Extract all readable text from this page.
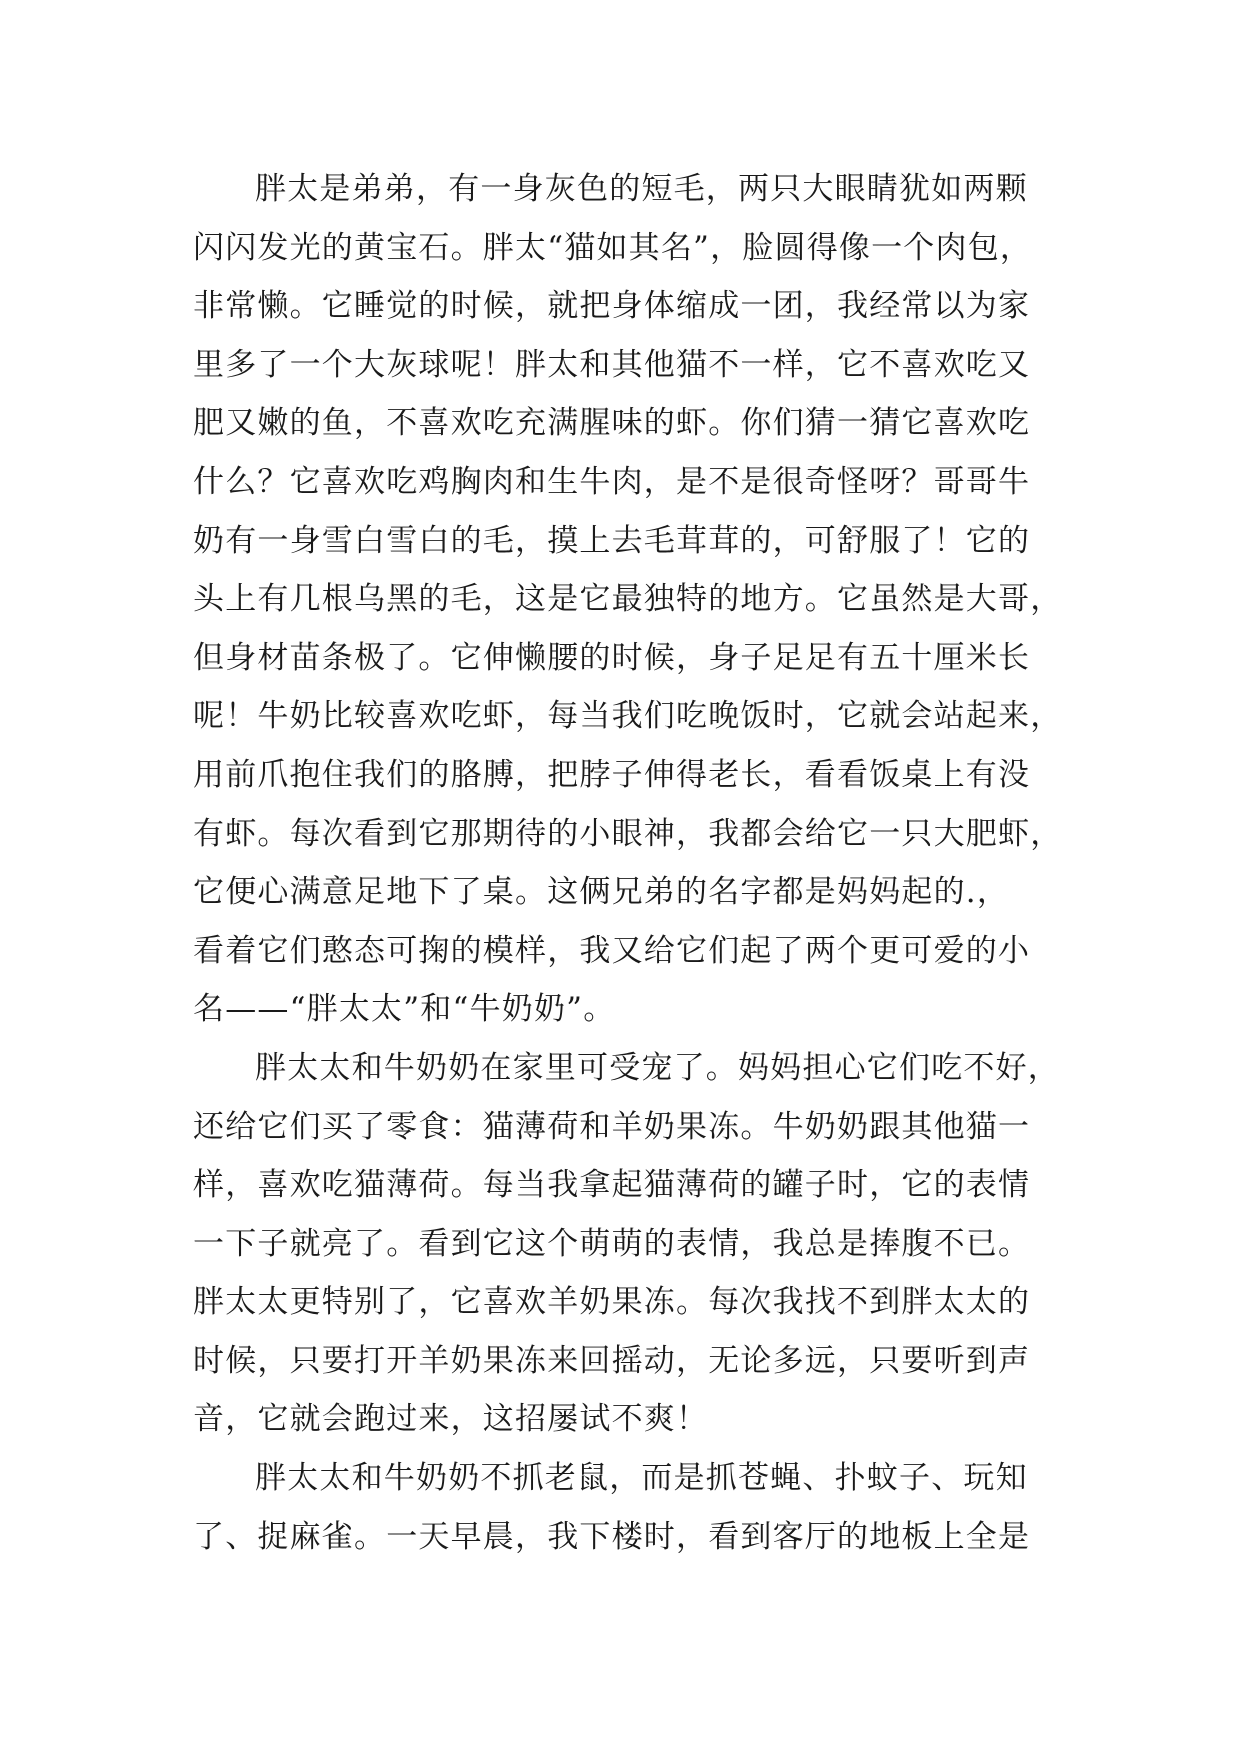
胖太是弟弟，有一身灰色的短毛，两只大眼睛犹如两颗
闪闪发光的黄宝石。胖太“猫如其名”，脸圆得像一个肉包，
非常懒。它睡觉的时候，就把身体缩成一团，我经常以为家
里多了一个大灰球呢！胖太和其他猫不一样，它不喜欢吃又
肥又嫩的鱼，不喜欢吃充满腥味的虾。你们猜一猜它喜欢吃
什么？它喜欢吃鸡胸肉和生牛肉，是不是很奇怪呀？哥哥牛
奶有一身雪白雪白的毛，摸上去毛茸茸的，可舒服了！它的
头上有几根乌黑的毛，这是它最独特的地方。它虽然是大哥，
但身材苗条极了。它伸懒腰的时候，身子足足有五十厘米长
呢！牛奶比较喜欢吃虾，每当我们吃晚饭时，它就会站起来，
用前爪抱住我们的胳膊，把脖子伸得老长，看看饭桌上有没
有虾。每次看到它那期待的小眼神，我都会给它一只大肥虾，
它便心满意足地下了桌。这俩兄弟的名字都是妈妈起的.，
看着它们憨态可掬的模样，我又给它们起了两个更可爱的小
名——“胖太太”和“牛奶奶”。
胖太太和牛奶奶在家里可受宠了。妈妈担心它们吃不好，
还给它们买了零食：猫薄荷和羊奶果冻。牛奶奶跟其他猫一
样，喜欢吃猫薄荷。每当我拿起猫薄荷的罐子时，它的表情
一下子就亮了。看到它这个萌萌的表情，我总是捧腹不已。
胖太太更特别了，它喜欢羊奶果冻。每次我找不到胖太太的
时候，只要打开羊奶果冻来回摇动，无论多远，只要听到声
音，它就会跑过来，这招屡试不爽！
胖太太和牛奶奶不抓老鼠，而是抓苍蝇、扑蚊子、玩知
了、捉麻雀。一天早晨，我下楼时，看到客厅的地板上全是
